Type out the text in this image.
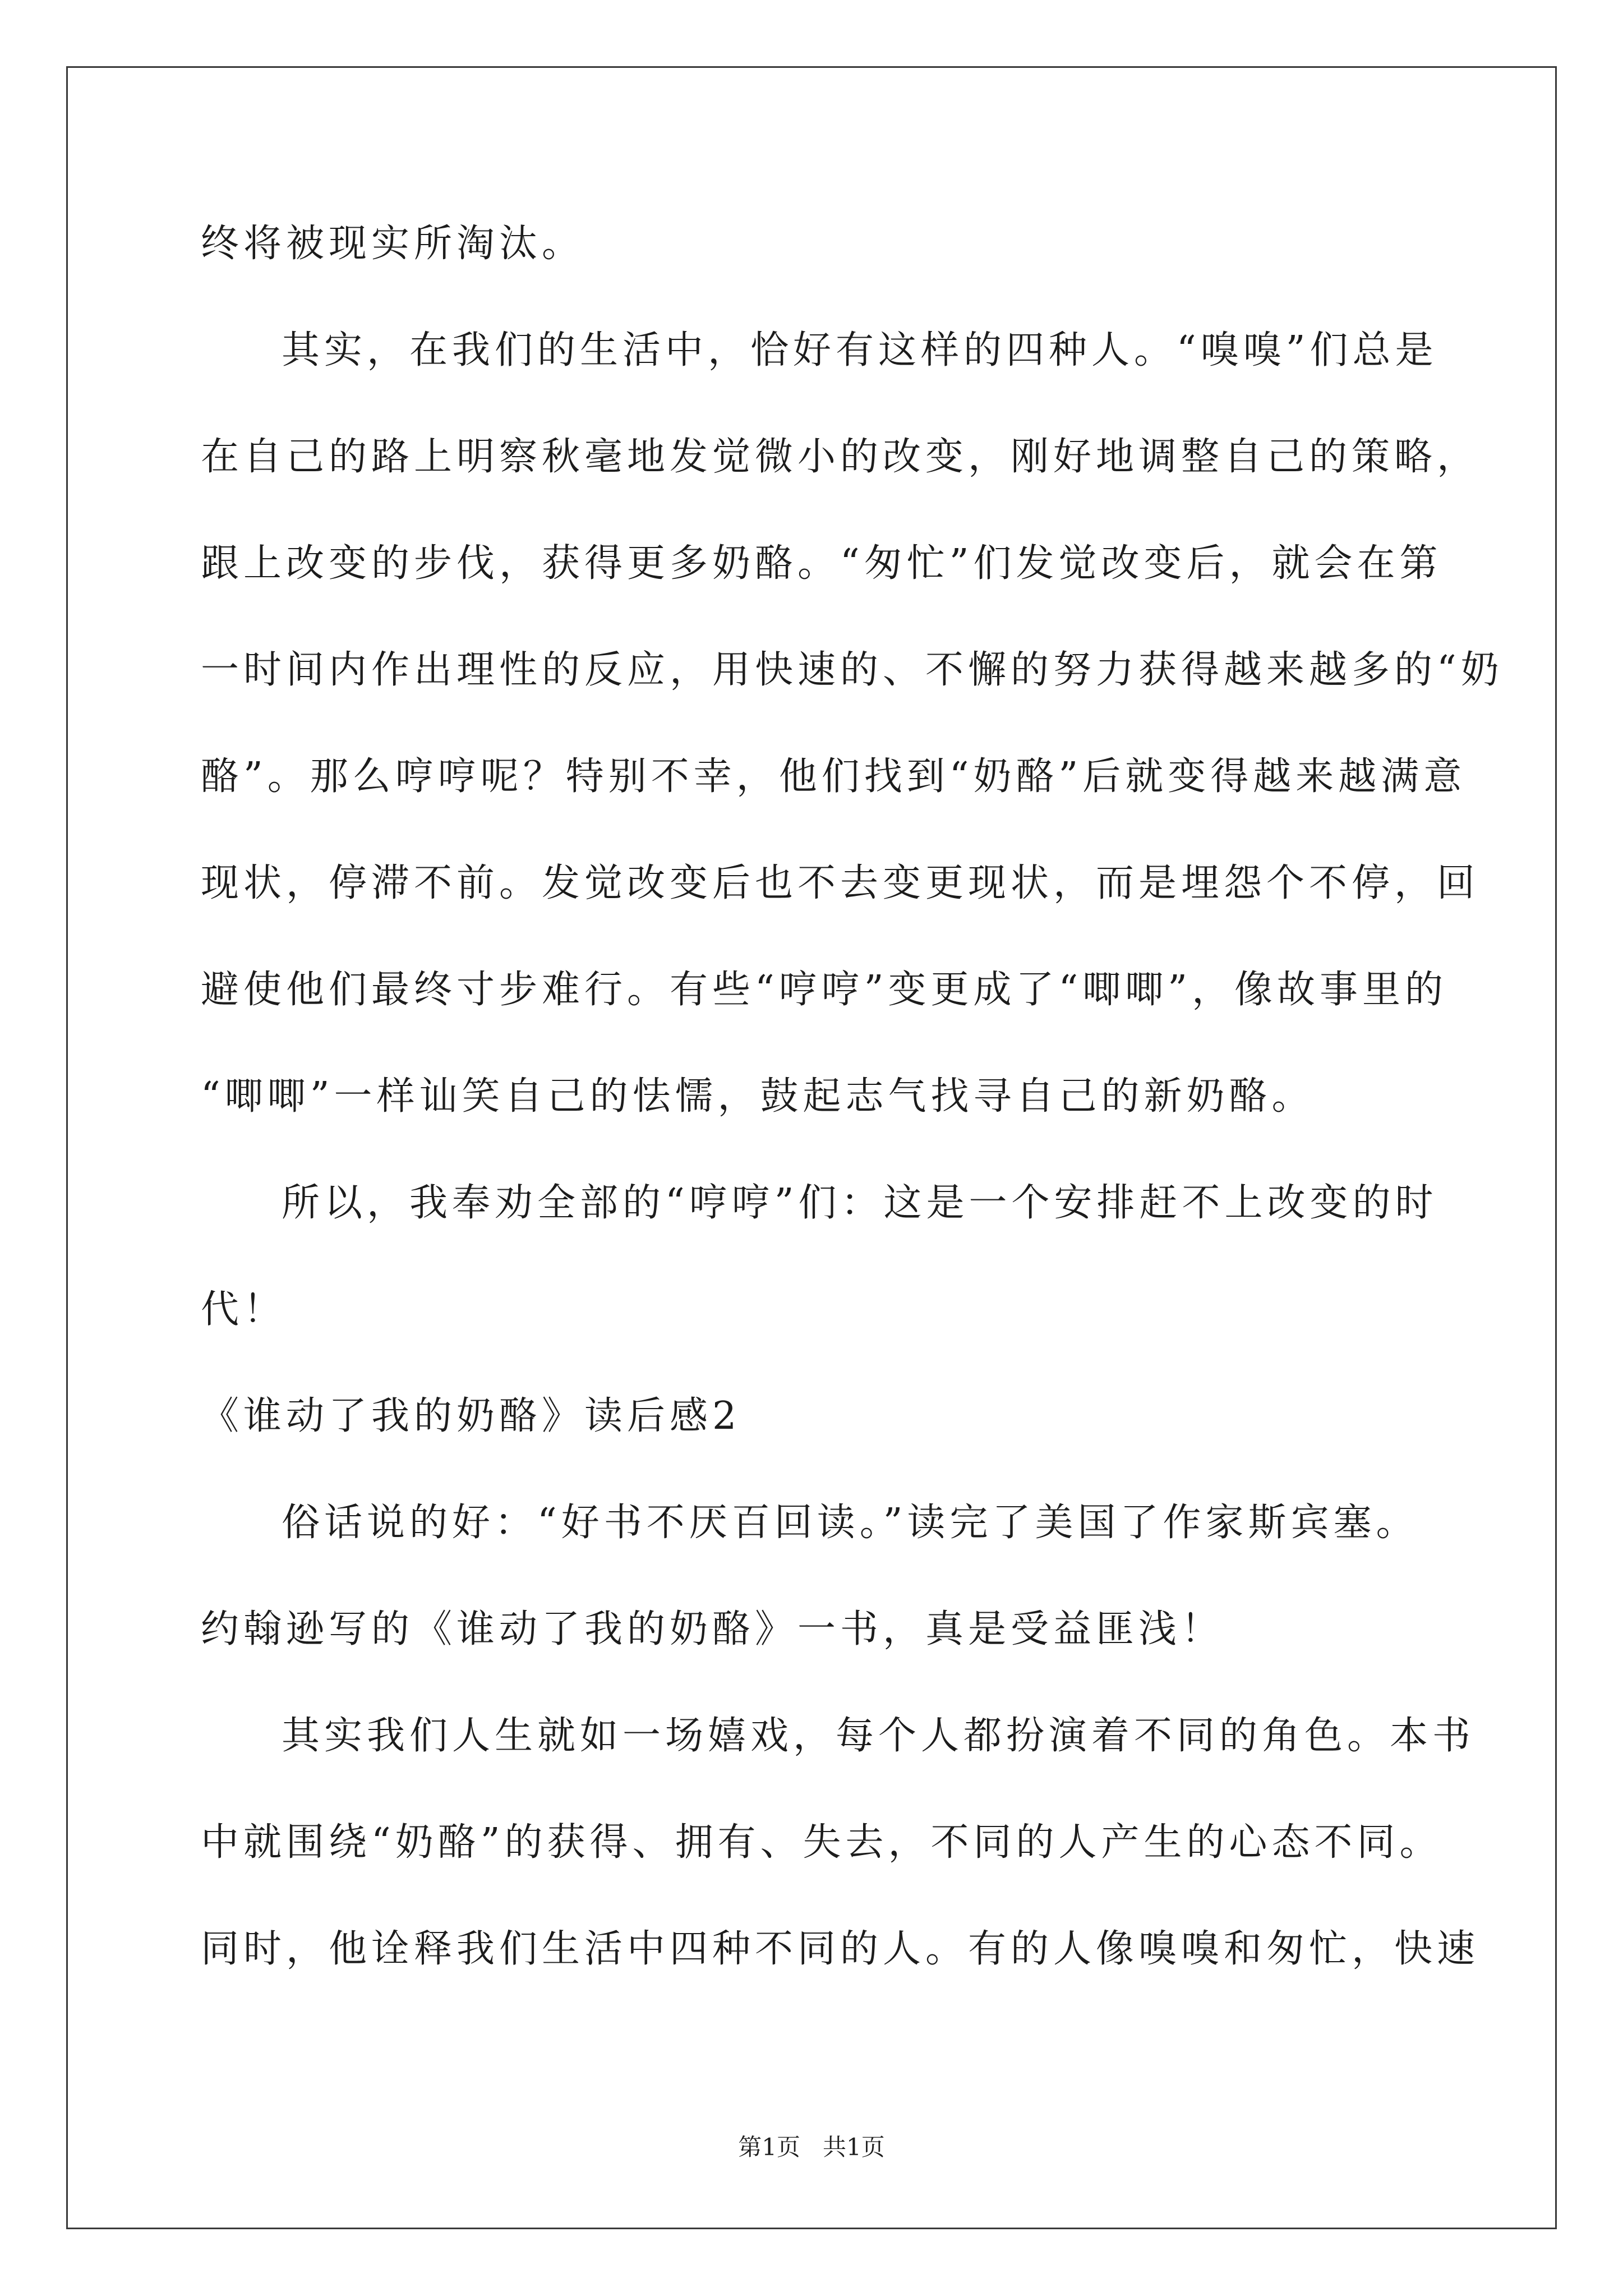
终将被现实所淘汰。
其实，在我们的生活中，恰好有这样的四种人。“嗅嗅”们总是
在自己的路上明察秋毫地发觉微小的改变，刚好地调整自己的策略，
跟上改变的步伐，获得更多奶酪。“匆忙”们发觉改变后，就会在第
一时间内作出理性的反应，用快速的、不懈的努力获得越来越多的“奶
酪”。那么哼哼呢？特别不幸，他们找到“奶酪”后就变得越来越满意
现状，停滞不前。发觉改变后也不去变更现状，而是埋怨个不停，回
避使他们最终寸步难行。有些“哼哼”变更成了“唧唧”，像故事里的
“唧唧”一样讪笑自己的怯懦，鼓起志气找寻自己的新奶酪。
所以，我奉劝全部的“哼哼”们：这是一个安排赶不上改变的时
代！
《谁动了我的奶酪》读后感2
俗话说的好：“好书不厌百回读。”读完了美国了作家斯宾塞。
约翰逊写的《谁动了我的奶酪》一书，真是受益匪浅！
其实我们人生就如一场嬉戏，每个人都扮演着不同的角色。本书
中就围绕“奶酪”的获得、拥有、失去，不同的人产生的心态不同。
同时，他诠释我们生活中四种不同的人。有的人像嗅嗅和匆忙，快速
第1页   共1页
